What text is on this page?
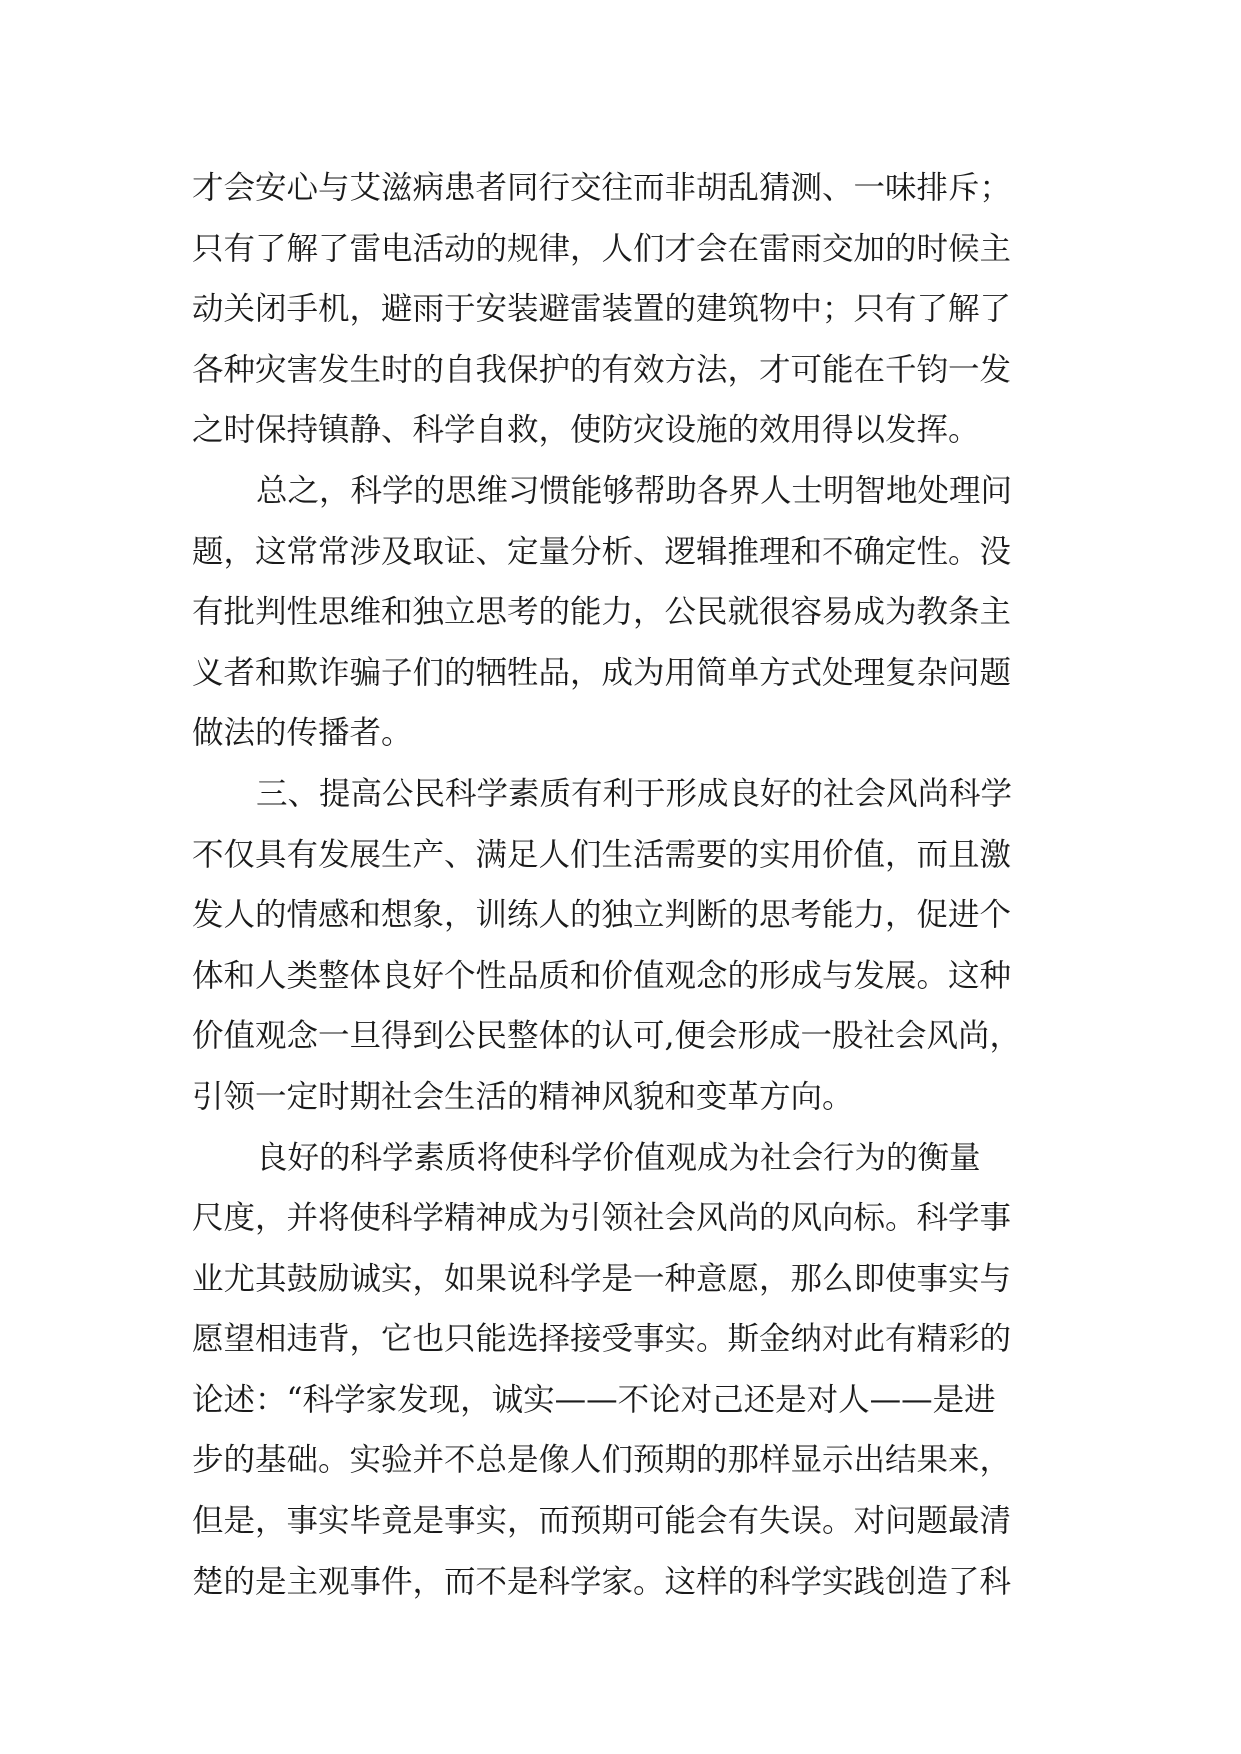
才会安心与艾滋病患者同行交往而非胡乱猜测、一味排斥；
只有了解了雷电活动的规律，人们才会在雷雨交加的时候主
动关闭手机，避雨于安装避雷装置的建筑物中；只有了解了
各种灾害发生时的自我保护的有效方法，才可能在千钧一发
之时保持镇静、科学自救，使防灾设施的效用得以发挥。
总之，科学的思维习惯能够帮助各界人士明智地处理问
题，这常常涉及取证、定量分析、逻辑推理和不确定性。没
有批判性思维和独立思考的能力，公民就很容易成为教条主
义者和欺诈骗子们的牺牲品，成为用简单方式处理复杂问题
做法的传播者。
三、提高公民科学素质有利于形成良好的社会风尚科学
不仅具有发展生产、满足人们生活需要的实用价值，而且激
发人的情感和想象，训练人的独立判断的思考能力，促进个
体和人类整体良好个性品质和价值观念的形成与发展。这种
价值观念一旦得到公民整体的认可,便会形成一股社会风尚，
引领一定时期社会生活的精神风貌和变革方向。
良好的科学素质将使科学价值观成为社会行为的衡量
尺度，并将使科学精神成为引领社会风尚的风向标。科学事
业尤其鼓励诚实，如果说科学是一种意愿，那么即使事实与
愿望相违背，它也只能选择接受事实。斯金纳对此有精彩的
论述：“科学家发现，诚实——不论对己还是对人——是进
步的基础。实验并不总是像人们预期的那样显示出结果来，
但是，事实毕竟是事实，而预期可能会有失误。对问题最清
楚的是主观事件，而不是科学家。这样的科学实践创造了科
